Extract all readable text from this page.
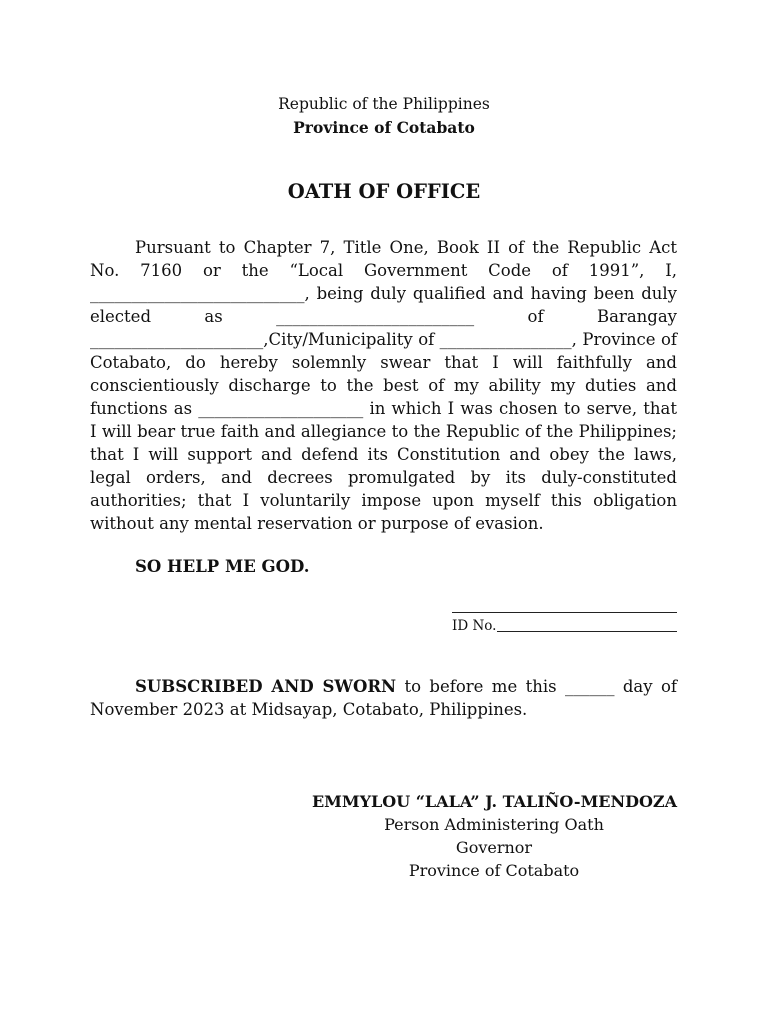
Republic of the Philippines
Province of Cotabato
OATH OF OFFICE

Pursuant to Chapter 7, Title One, Book II of the Republic Act No. 7160 or the “Local Government Code of 1991”, I, __________________________, being duly qualified and having been duly elected as	________________________	of Barangay _____________________,City/Municipality of ________________, Province of Cotabato, do hereby solemnly swear that I will faithfully and conscientiously discharge to the best of my ability my duties and functions as ____________________ in which I was chosen to serve, that I will bear true faith and allegiance to the Republic of the Philippines; that I will support and defend its Constitution and obey the laws, legal orders, and decrees promulgated by its duly-constituted authorities; that I voluntarily impose upon myself this obligation without any mental reservation or purpose of evasion.

SO HELP ME GOD.
ID No.

SUBSCRIBED AND SWORN to before me this ______ day of November 2023 at Midsayap, Cotabato, Philippines.

EMMYLOU “LALA” J. TALIÑO-MENDOZA
Person Administering Oath
Governor
Province of Cotabato
